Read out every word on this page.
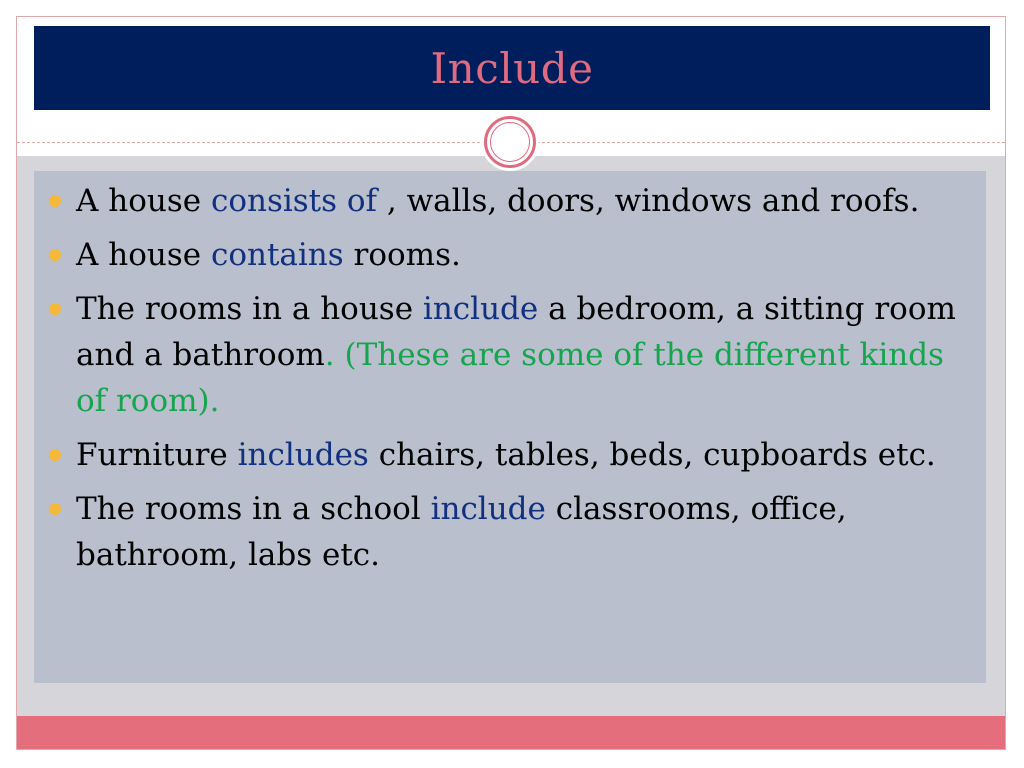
Include
A house consists of , walls, doors, windows and roofs.
A house contains rooms.
The rooms in a house include a bedroom, a sitting room and a bathroom. (These are some of the different kinds of room).
Furniture includes chairs, tables, beds, cupboards etc.
The rooms in a school include classrooms, office, bathroom, labs etc.
